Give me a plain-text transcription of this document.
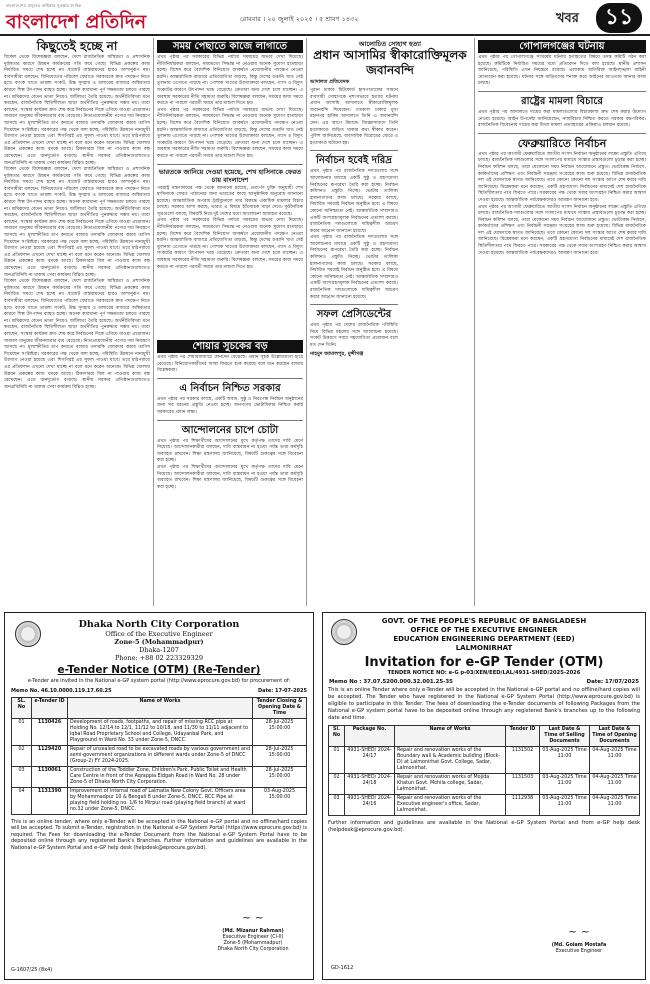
বাংলাদেশের মানুষের অধিকার সুরক্ষার দৈনিক
বাংলাদেশ প্রতিদিন	রোববার । ২০ জুলাই ২০২৫ । ৫ শ্রাবণ ১৪৩২	খবর	১১
কিছুতেই হচ্ছে না
বিকেল থেকে বিশেষজ্ঞরা বলছেন, দেশে রাজনৈতিক অস্থিরতা ও প্রশাসনিক দুর্বলতার কারণে উন্নয়ন কার্যক্রমের গতি কমে গেছে। বিভিন্ন প্রকল্পের কাজ নির্ধারিত সময়ে শেষ হচ্ছে না। বাজেট বাস্তবায়নের হারও আশানুরূপ নয়। ব্যবসায়ীরা বলছেন, বিনিয়োগের পরিবেশ ফেরাতে সরকারকে দ্রুত পদক্ষেপ নিতে হবে। ব্যাংক খাতে তারল্য সংকট, উচ্চ সুদহার ও ডলারের বাজারে অস্থিরতার কারণে শিল্প উৎপাদন ব্যাহত হচ্ছে। অনেক কারখানা পূর্ণ সক্ষমতায় চলতে পারছে না। শ্রমিকদের বেতন ভাতা নিয়েও জটিলতা তৈরি হয়েছে। অর্থনীতিবিদরা মনে করছেন, রাজনৈতিক স্থিতিশীলতা ছাড়া অর্থনীতির পুনরুদ্ধার সম্ভব নয়। তারা বলছেন, সংস্কার কার্যক্রম দ্রুত শেষ করে নির্বাচনের দিকে এগিয়ে যাওয়া প্রয়োজন। সাধারণ মানুষের জীবনযাত্রার ব্যয় বেড়েছে। নিত্যপ্রয়োজনীয় পণ্যের দাম নিয়ন্ত্রণে আসছে না। মূল্যস্ফীতির চাপ কমাতে বাজার তদারকি জোরদার করার তাগিদ দিয়েছেন সংশ্লিষ্টরা। সরকারের পক্ষ থেকে বলা হচ্ছে, পরিস্থিতি উন্নয়নে নানামুখী উদ্যোগ নেওয়া হয়েছে এবং শিগগিরই এর সুফল পাওয়া যাবে। তবে মাঠপর্যায়ে এর প্রতিফলন এখনো দেখা যাচ্ছে না বলে মনে করেন অনেকে। বিভিন্ন জেলায় উন্নয়ন প্রকল্পের কাজ থমকে আছে। ঠিকাদাররা বিল না পাওয়ায় কাজ বন্ধ রেখেছেন। এতে জনদুর্ভোগ বাড়ছে। স্থানীয় সরকার প্রতিষ্ঠানগুলোতেও জনপ্রতিনিধি না থাকায় সেবা কার্যক্রম বিঘ্নিত হচ্ছে।
বিকেল থেকে বিশেষজ্ঞরা বলছেন, দেশে রাজনৈতিক অস্থিরতা ও প্রশাসনিক দুর্বলতার কারণে উন্নয়ন কার্যক্রমের গতি কমে গেছে। বিভিন্ন প্রকল্পের কাজ নির্ধারিত সময়ে শেষ হচ্ছে না। বাজেট বাস্তবায়নের হারও আশানুরূপ নয়। ব্যবসায়ীরা বলছেন, বিনিয়োগের পরিবেশ ফেরাতে সরকারকে দ্রুত পদক্ষেপ নিতে হবে। ব্যাংক খাতে তারল্য সংকট, উচ্চ সুদহার ও ডলারের বাজারে অস্থিরতার কারণে শিল্প উৎপাদন ব্যাহত হচ্ছে। অনেক কারখানা পূর্ণ সক্ষমতায় চলতে পারছে না। শ্রমিকদের বেতন ভাতা নিয়েও জটিলতা তৈরি হয়েছে। অর্থনীতিবিদরা মনে করছেন, রাজনৈতিক স্থিতিশীলতা ছাড়া অর্থনীতির পুনরুদ্ধার সম্ভব নয়। তারা বলছেন, সংস্কার কার্যক্রম দ্রুত শেষ করে নির্বাচনের দিকে এগিয়ে যাওয়া প্রয়োজন। সাধারণ মানুষের জীবনযাত্রার ব্যয় বেড়েছে। নিত্যপ্রয়োজনীয় পণ্যের দাম নিয়ন্ত্রণে আসছে না। মূল্যস্ফীতির চাপ কমাতে বাজার তদারকি জোরদার করার তাগিদ দিয়েছেন সংশ্লিষ্টরা। সরকারের পক্ষ থেকে বলা হচ্ছে, পরিস্থিতি উন্নয়নে নানামুখী উদ্যোগ নেওয়া হয়েছে এবং শিগগিরই এর সুফল পাওয়া যাবে। তবে মাঠপর্যায়ে এর প্রতিফলন এখনো দেখা যাচ্ছে না বলে মনে করেন অনেকে। বিভিন্ন জেলায় উন্নয়ন প্রকল্পের কাজ থমকে আছে। ঠিকাদাররা বিল না পাওয়ায় কাজ বন্ধ রেখেছেন। এতে জনদুর্ভোগ বাড়ছে। স্থানীয় সরকার প্রতিষ্ঠানগুলোতেও জনপ্রতিনিধি না থাকায় সেবা কার্যক্রম বিঘ্নিত হচ্ছে।
বিকেল থেকে বিশেষজ্ঞরা বলছেন, দেশে রাজনৈতিক অস্থিরতা ও প্রশাসনিক দুর্বলতার কারণে উন্নয়ন কার্যক্রমের গতি কমে গেছে। বিভিন্ন প্রকল্পের কাজ নির্ধারিত সময়ে শেষ হচ্ছে না। বাজেট বাস্তবায়নের হারও আশানুরূপ নয়। ব্যবসায়ীরা বলছেন, বিনিয়োগের পরিবেশ ফেরাতে সরকারকে দ্রুত পদক্ষেপ নিতে হবে। ব্যাংক খাতে তারল্য সংকট, উচ্চ সুদহার ও ডলারের বাজারে অস্থিরতার কারণে শিল্প উৎপাদন ব্যাহত হচ্ছে। অনেক কারখানা পূর্ণ সক্ষমতায় চলতে পারছে না। শ্রমিকদের বেতন ভাতা নিয়েও জটিলতা তৈরি হয়েছে। অর্থনীতিবিদরা মনে করছেন, রাজনৈতিক স্থিতিশীলতা ছাড়া অর্থনীতির পুনরুদ্ধার সম্ভব নয়। তারা বলছেন, সংস্কার কার্যক্রম দ্রুত শেষ করে নির্বাচনের দিকে এগিয়ে যাওয়া প্রয়োজন। সাধারণ মানুষের জীবনযাত্রার ব্যয় বেড়েছে। নিত্যপ্রয়োজনীয় পণ্যের দাম নিয়ন্ত্রণে আসছে না। মূল্যস্ফীতির চাপ কমাতে বাজার তদারকি জোরদার করার তাগিদ দিয়েছেন সংশ্লিষ্টরা। সরকারের পক্ষ থেকে বলা হচ্ছে, পরিস্থিতি উন্নয়নে নানামুখী উদ্যোগ নেওয়া হয়েছে এবং শিগগিরই এর সুফল পাওয়া যাবে। তবে মাঠপর্যায়ে এর প্রতিফলন এখনো দেখা যাচ্ছে না বলে মনে করেন অনেকে। বিভিন্ন জেলায় উন্নয়ন প্রকল্পের কাজ থমকে আছে। ঠিকাদাররা বিল না পাওয়ায় কাজ বন্ধ রেখেছেন। এতে জনদুর্ভোগ বাড়ছে। স্থানীয় সরকার প্রতিষ্ঠানগুলোতেও জনপ্রতিনিধি না থাকায় সেবা কার্যক্রম বিঘ্নিত হচ্ছে।
সময় পেছাতে কাজে লাগাতে
প্রথম পৃষ্ঠার পর সরকারের বিভিন্ন পর্যায়ে সমন্বয়ের অভাব দেখা দিয়েছে। নীতিনির্ধারকরা বলছেন, সময়মতো সিদ্ধান্ত না নেওয়ায় অনেক সুযোগ হাতছাড়া হচ্ছে। বিশেষ করে বৈদেশিক বিনিয়োগ আকর্ষণে প্রয়োজনীয় পদক্ষেপ নেওয়া হয়নি। আন্তর্জাতিক বাজারে প্রতিযোগিতা বাড়ছে, কিন্তু দেশের রপ্তানি খাত সেই তুলনায় এগোতে পারছে না। পোশাক খাতের উদ্যোক্তারা বলছেন, গ্যাস ও বিদ্যুৎ সংকটের কারণে উৎপাদন খরচ বেড়েছে। ক্রেতারা অন্য দেশে চলে যাচ্ছেন। এ অবস্থায় সরকারের নীতি সহায়তা জরুরি। বিশেষজ্ঞরা বলছেন, সময়ের কাজ সময়ে করতে না পারলে পরবর্তী সময়ে তার মাশুল দিতে হয়।
প্রথম পৃষ্ঠার পর সরকারের বিভিন্ন পর্যায়ে সমন্বয়ের অভাব দেখা দিয়েছে। নীতিনির্ধারকরা বলছেন, সময়মতো সিদ্ধান্ত না নেওয়ায় অনেক সুযোগ হাতছাড়া হচ্ছে। বিশেষ করে বৈদেশিক বিনিয়োগ আকর্ষণে প্রয়োজনীয় পদক্ষেপ নেওয়া হয়নি। আন্তর্জাতিক বাজারে প্রতিযোগিতা বাড়ছে, কিন্তু দেশের রপ্তানি খাত সেই তুলনায় এগোতে পারছে না। পোশাক খাতের উদ্যোক্তারা বলছেন, গ্যাস ও বিদ্যুৎ সংকটের কারণে উৎপাদন খরচ বেড়েছে। ক্রেতারা অন্য দেশে চলে যাচ্ছেন। এ অবস্থায় সরকারের নীতি সহায়তা জরুরি। বিশেষজ্ঞরা বলছেন, সময়ের কাজ সময়ে করতে না পারলে পরবর্তী সময়ে তার মাশুল দিতে হয়।
ভারতকে জানিয়ে দেওয়া হয়েছে, শেখ হাসিনাকে ফেরত চায় বাংলাদেশ
পররাষ্ট্র মন্ত্রণালয়ের পক্ষ থেকে জানানো হয়েছে, প্রত্যর্পণ চুক্তি অনুযায়ী শেখ হাসিনাকে ফেরত পাঠানোর জন্য ভারতের কাছে আনুষ্ঠানিক অনুরোধ জানানো হয়েছে। আন্তর্জাতিক অপরাধ ট্রাইব্যুনালে তার বিরুদ্ধে একাধিক মামলার বিচার চলছে। সরকার আশা করছে, ভারত এ বিষয়ে ইতিবাচক সাড়া দেবে। কূটনৈতিক সূত্রগুলো বলছে, বিষয়টি নিয়ে দুই দেশের মধ্যে আলোচনা অব্যাহত রয়েছে।
প্রথম পৃষ্ঠার পর সরকারের বিভিন্ন পর্যায়ে সমন্বয়ের অভাব দেখা দিয়েছে। নীতিনির্ধারকরা বলছেন, সময়মতো সিদ্ধান্ত না নেওয়ায় অনেক সুযোগ হাতছাড়া হচ্ছে। বিশেষ করে বৈদেশিক বিনিয়োগ আকর্ষণে প্রয়োজনীয় পদক্ষেপ নেওয়া হয়নি। আন্তর্জাতিক বাজারে প্রতিযোগিতা বাড়ছে, কিন্তু দেশের রপ্তানি খাত সেই তুলনায় এগোতে পারছে না। পোশাক খাতের উদ্যোক্তারা বলছেন, গ্যাস ও বিদ্যুৎ সংকটের কারণে উৎপাদন খরচ বেড়েছে। ক্রেতারা অন্য দেশে চলে যাচ্ছেন। এ অবস্থায় সরকারের নীতি সহায়তা জরুরি। বিশেষজ্ঞরা বলছেন, সময়ের কাজ সময়ে করতে না পারলে পরবর্তী সময়ে তার মাশুল দিতে হয়।
আলোচিত সোহাগ হত্যা
প্রধান আসামির স্বীকারোক্তিমূলক জবানবন্দি
আদালত প্রতিবেদক
পুরান ঢাকার মিটফোর্ড হাসপাতালের সামনে ব্যবসায়ী সোহাগকে নৃশংসভাবে হত্যার ঘটনায় প্রধান আসামি আদালতে স্বীকারোক্তিমূলক জবানবন্দি দিয়েছেন। গতকাল ঢাকার মুখ্য মহানগর হাকিম আদালতে তিনি এ জবানবন্দি দেন। এর আগে রিমান্ডে জিজ্ঞাসাবাদে তিনি হত্যাকাণ্ডে জড়িত থাকার কথা স্বীকার করেন। পুলিশ জানিয়েছে, ব্যবসায়িক বিরোধের জেরে এ হত্যাকাণ্ড ঘটানো হয়।
নির্বাচন হবেই দরিদ্র
প্রথম পৃষ্ঠার পর রাজনৈতিক দলগুলোর সঙ্গে আলোচনার মাধ্যমে একটি সুষ্ঠু ও গ্রহণযোগ্য নির্বাচনের রূপরেখা তৈরি করা হচ্ছে। নির্বাচন কমিশনও প্রস্তুতি নিচ্ছে। ভোটার তালিকা হালনাগাদের কাজ চলছে। সরকার বলছে, নির্ধারিত সময়েই নির্বাচন অনুষ্ঠিত হবে। এ বিষয়ে কোনো অনিশ্চয়তা নেই। আন্তর্জাতিক সম্প্রদায়ও একটি অংশগ্রহণমূলক নির্বাচনের প্রত্যাশা করছে। রাজনৈতিক দলগুলোকে দায়িত্বশীল আচরণ করার আহ্বান জানানো হয়েছে।
প্রথম পৃষ্ঠার পর রাজনৈতিক দলগুলোর সঙ্গে আলোচনার মাধ্যমে একটি সুষ্ঠু ও গ্রহণযোগ্য নির্বাচনের রূপরেখা তৈরি করা হচ্ছে। নির্বাচন কমিশনও প্রস্তুতি নিচ্ছে। ভোটার তালিকা হালনাগাদের কাজ চলছে। সরকার বলছে, নির্ধারিত সময়েই নির্বাচন অনুষ্ঠিত হবে। এ বিষয়ে কোনো অনিশ্চয়তা নেই। আন্তর্জাতিক সম্প্রদায়ও একটি অংশগ্রহণমূলক নির্বাচনের প্রত্যাশা করছে। রাজনৈতিক দলগুলোকে দায়িত্বশীল আচরণ করার আহ্বান জানানো হয়েছে।
সফল প্রেসিডেন্টের
প্রথম পৃষ্ঠার পর দেশের রাজনৈতিক পরিস্থিতি নিয়ে বিভিন্ন মহলের সঙ্গে আলোচনা হয়েছে। সংকট উত্তরণে সবার সহযোগিতা প্রয়োজন বলে মত দেন তিনি।
নাহমুদ জামালপুর, মুন্সীগঞ্জ
শোয়ার সুচকের বড়
প্রথম পৃষ্ঠার পর শেয়ারবাজারে লেনদেন বেড়েছে। প্রধান সূচক উল্লেখযোগ্য হারে বেড়েছে। বিনিয়োগকারীদের আস্থা ফিরতে শুরু করেছে বলে মনে করছেন বাজার বিশ্লেষকরা।
এ নির্বাচন নিশ্চিত সরকার
প্রথম পৃষ্ঠার পর সরকার বলছে, একটি অবাধ, সুষ্ঠু ও নিরপেক্ষ নির্বাচন অনুষ্ঠানের জন্য সব ধরনের প্রস্তুতি নেওয়া হচ্ছে। জনগণের ভোটাধিকার নিশ্চিত করাই সরকারের প্রধান লক্ষ্য।
আন্দোলনের চাপে চোটা
প্রথম পৃষ্ঠার পর শিক্ষার্থীদের আন্দোলনের মুখে কর্তৃপক্ষ তাদের দাবি মেনে নিয়েছে। আন্দোলনকারীরা বলছেন, দাবি বাস্তবায়ন না হওয়া পর্যন্ত তারা কর্মসূচি অব্যাহত রাখবেন। শিক্ষা মন্ত্রণালয় জানিয়েছে, বিষয়টি গুরুত্বের সঙ্গে বিবেচনা করা হচ্ছে।
প্রথম পৃষ্ঠার পর শিক্ষার্থীদের আন্দোলনের মুখে কর্তৃপক্ষ তাদের দাবি মেনে নিয়েছে। আন্দোলনকারীরা বলছেন, দাবি বাস্তবায়ন না হওয়া পর্যন্ত তারা কর্মসূচি অব্যাহত রাখবেন। শিক্ষা মন্ত্রণালয় জানিয়েছে, বিষয়টি গুরুত্বের সঙ্গে বিবেচনা করা হচ্ছে।
গোপালগঞ্জের ঘটনায়
প্রথম পৃষ্ঠার পর গোপালগঞ্জে সংঘর্ষের ঘটনায় হতাহতের বিষয়ে তদন্ত কমিটি গঠন করা হয়েছে। কমিটিকে নির্ধারিত সময়ের মধ্যে প্রতিবেদন দিতে বলা হয়েছে। স্থানীয় প্রশাসন জানিয়েছে, পরিস্থিতি এখন নিয়ন্ত্রণে রয়েছে। এলাকায় অতিরিক্ত আইনশৃঙ্খলা বাহিনী মোতায়েন করা হয়েছে। ঘটনার সঙ্গে জড়িতদের শনাক্ত করে আইনের আওতায় আনার কাজ চলছে।
রাষ্ট্রের মামলা বিচারে
প্রথম পৃষ্ঠার পর আদালতে দায়ের করা মামলাগুলোর বিচারকাজ দ্রুত শেষ করার উদ্যোগ নেওয়া হয়েছে। আইন উপদেষ্টা জানিয়েছেন, ন্যায়বিচার নিশ্চিত করতে সরকার বদ্ধপরিকর। রাজনৈতিক বিবেচনায় দায়ের করা মিথ্যা মামলা প্রত্যাহারের প্রক্রিয়াও চলমান রয়েছে।
ফেব্রুয়ারিতে নির্বাচন
প্রথম পৃষ্ঠার পর আগামী ফেব্রুয়ারিতে জাতীয় সংসদ নির্বাচন অনুষ্ঠানের লক্ষ্যে প্রস্তুতি এগিয়ে চলছে। রাজনৈতিক দলগুলোর সঙ্গে সংলাপের মাধ্যমে সংস্কার প্রস্তাবগুলো চূড়ান্ত করা হচ্ছে। নির্বাচন কমিশন বলছে, তারা যেকোনো সময় নির্বাচন আয়োজনে প্রস্তুত। ভোটকেন্দ্র নির্ধারণ, কর্মকর্তাদের প্রশিক্ষণ এবং নির্বাচনী সরঞ্জাম সংগ্রহের কাজ শুরু হয়েছে। বিভিন্ন রাজনৈতিক দল এই ঘোষণাকে স্বাগত জানিয়েছে। তবে কোনো কোনো দল সংস্কার আগে শেষ করার দাবি জানিয়েছে। বিশ্লেষকরা মনে করছেন, একটি গ্রহণযোগ্য নির্বাচনের মাধ্যমেই দেশ রাজনৈতিক স্থিতিশীলতার পথে ফিরতে পারে। সরকারের পক্ষ থেকে সবার অংশগ্রহণ নিশ্চিত করার আশ্বাস দেওয়া হয়েছে। আন্তর্জাতিক পর্যবেক্ষকদেরও আমন্ত্রণ জানানো হবে।
প্রথম পৃষ্ঠার পর আগামী ফেব্রুয়ারিতে জাতীয় সংসদ নির্বাচন অনুষ্ঠানের লক্ষ্যে প্রস্তুতি এগিয়ে চলছে। রাজনৈতিক দলগুলোর সঙ্গে সংলাপের মাধ্যমে সংস্কার প্রস্তাবগুলো চূড়ান্ত করা হচ্ছে। নির্বাচন কমিশন বলছে, তারা যেকোনো সময় নির্বাচন আয়োজনে প্রস্তুত। ভোটকেন্দ্র নির্ধারণ, কর্মকর্তাদের প্রশিক্ষণ এবং নির্বাচনী সরঞ্জাম সংগ্রহের কাজ শুরু হয়েছে। বিভিন্ন রাজনৈতিক দল এই ঘোষণাকে স্বাগত জানিয়েছে। তবে কোনো কোনো দল সংস্কার আগে শেষ করার দাবি জানিয়েছে। বিশ্লেষকরা মনে করছেন, একটি গ্রহণযোগ্য নির্বাচনের মাধ্যমেই দেশ রাজনৈতিক স্থিতিশীলতার পথে ফিরতে পারে। সরকারের পক্ষ থেকে সবার অংশগ্রহণ নিশ্চিত করার আশ্বাস দেওয়া হয়েছে। আন্তর্জাতিক পর্যবেক্ষকদেরও আমন্ত্রণ জানানো হবে।
Dhaka North City Corporation
Office of the Executive Engineer
Zone-5 (Mohammadpur)
Dhaka-1207
Phone: +88 02 223329329
e-Tender Notice (OTM) (Re-Tender)
e-Tender are invited in the National e-GP system portal (http://www.eprocure.gov.bd) for procurement of:
Memo No. 46.10.0000.119.17.60.25	Date: 17-07-2025
SL. No	e-Tender ID	Name of Works	Tender Closing & Opening Date & Time
01	1130426	Development of roads, footpaths, and repair of missing RCC pipe at Holding No. 12/14 to 12/1, 11/12 to 10/18, and 11/30 to 11/11 adjacent to Iqbal Road Proprietary School and College, Udayanbal Park, and Playground in Ward No. 33 under Zone-5, DNCC.	28-Jul-2025 15:00:00
02	1129420	Repair of unsealed road to be excavated roads by various government and semi-government organizations in different wards under Zone-5 of DNCC (Group-2) FY 2024-2025.	28-Jul-2025 15:00:00
03	1130061	Construction of the Toddler Zone, Children's Park, Public Toilet and Health Care Centre in front of the Aqrappia Eidgah Road in Ward No. 28 under Zone-5 of Dhaka North City Corporation.	28-Jul-2025 15:00:00
04	1131390	Improvement of internal road of Lalmatia New Colony Govt. Officers area by Mohammadpur 10 & Bengali 8 under Zone-5, DNCC. RCC Pipe at playing field holding no. 1/6 to Mirpur road (playing field branch) at ward no.32 under Zone-5, DNCC.	03-Aug-2025 15:00:00
This is an online tender, where only e-Tender will be accepted in the National e-GP portal and no offline/hard copies will be accepted. To submit e-Tender, registration in the National e-GP System Portal (https://www.eprocure.gov.bd) is required. The Fees for downloading the e-Tender Document from the National e-GP System Portal have to be deposited online through any registered Bank's Branches. Further information and guidelines are available in the National e-GP System Portal and e-GP help desk (helpdesk@eprocure.gov.bd).
~ ~
(Md. Mizanur Rahman)
Executive Engineer (Cl-II)
Zone-5 (Mohammadpur)
Dhaka North City Corporation
G-1607/25 (8x4)
GOVT. OF THE PEOPLE'S REPUBLIC OF BANGLADESH
OFFICE OF THE EXECUTIVE ENGINEER
EDUCATION ENGINEERING DEPARTMENT (EED)
LALMONIRHAT
Invitation for e-GP Tender (OTM)
TENDER NOTICE NO: e-G p-03/XEN/EED/LAL/4931-SHED/2025-2026
Memo No : 37.07.5200.000.32.001.25-35	Date: 17/07/2025
This is an online Tender where only e-Tender will be accepted in the National e-GP portal and no offline/hard copies will be accepted. The Tender who have registered in the National e-GP System Portal (http://www.eprocure.gov.bd) is eligible to participate in this Tender. The fees of downloading the e-Tender documents of following Packages from the National e-GP system portal have to be deposited online through any registered Bank's branches up to the following date and time.
Sl. No	Package No.	Name of Works	Tender ID	Last Date & Time of Selling Documents	Last Date & Time of Opening Documents
01	4931-SHED/ 2024-24/17	Repair and renovation works of the Boundary wall & Academic building (Block-D) at Lalmonirhat Govt. College, Sadar, Lalmonirhat.	1131502	03-Aug-2025 Time 11:00	04-Aug-2025 Time 11:00
02	4931-SHED/ 2024-24/18	Repair and renovation works of Mojida Khatun Govt. Mohila college, Sadar, Lalmonirhat.	1131503	03-Aug-2025 Time 11:00	04-Aug-2025 Time 11:00
03	4931-SHED/ 2024-24/16	Repair and renovation works of the Executive engineer's office, Sadar, Lalmonirhat.	1112938	03-Aug-2025 Time 11:00	04-Aug-2025 Time 11:00
Further information and guidelines are available in the National e-GP System Portal and from e-GP help desk (helpdesk@eprocure.gov.bd).
GD-1612
~ ~
(Md. Golam Mostafa
Executive Engineer
